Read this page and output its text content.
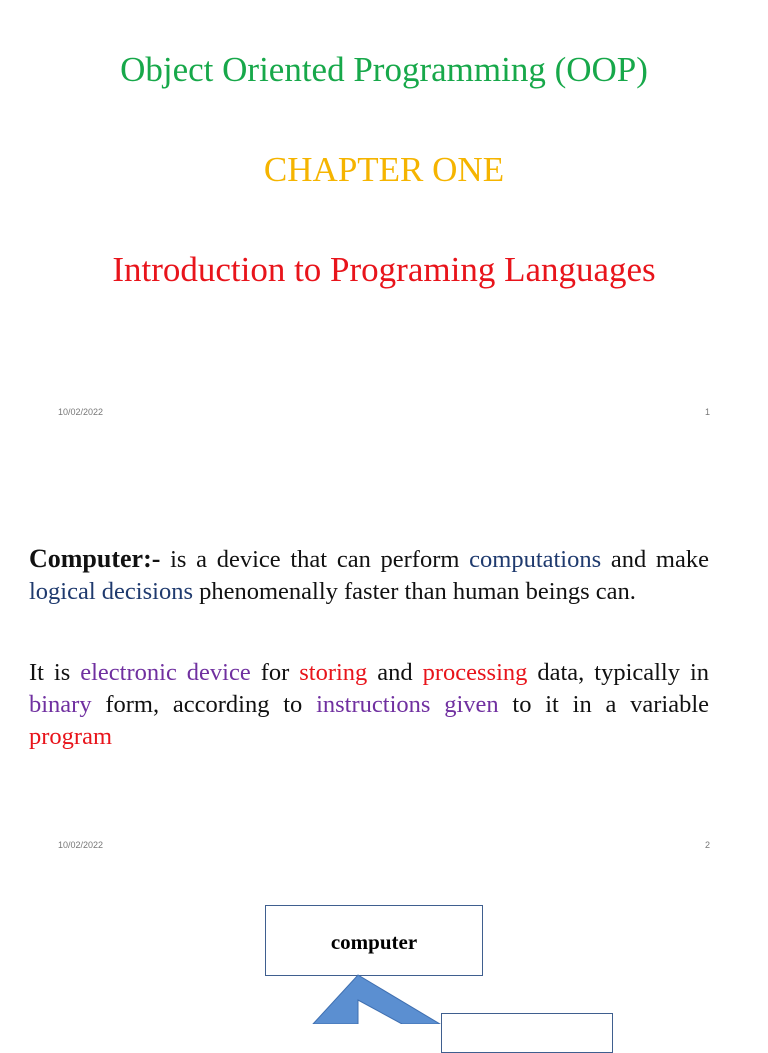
Object Oriented Programming (OOP)
CHAPTER ONE
Introduction to Programing Languages
10/02/2022	1
Computer:- is a device that can perform computations and make logical decisions phenomenally faster than human beings can.
It is electronic device for storing and processing data, typically in binary form, according to instructions given to it in a variable program
10/02/2022	2
computer
